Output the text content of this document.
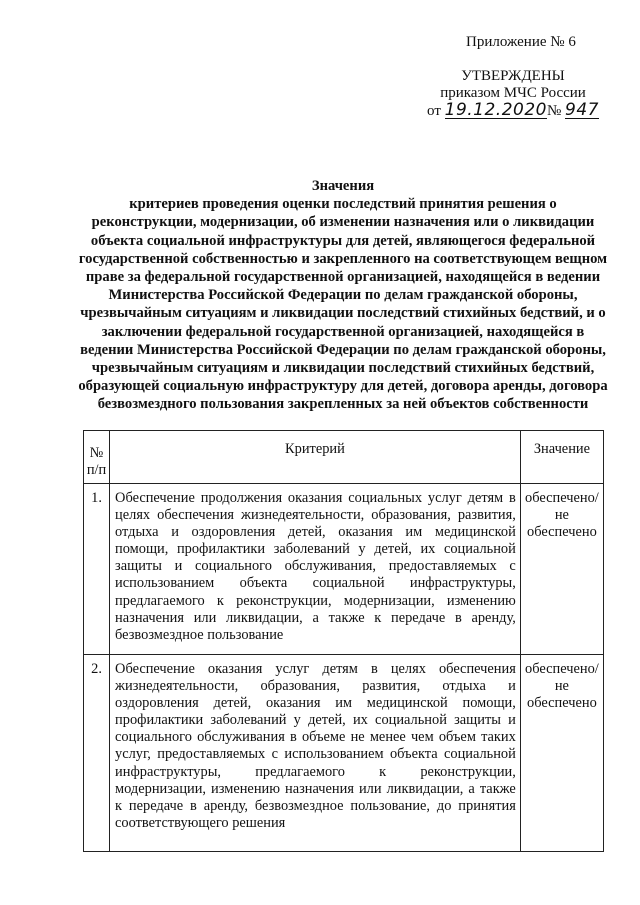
Приложение № 6
УТВЕРЖДЕНЫ
приказом МЧС России
от 19.12.2020№ 947
Значения
критериев проведения оценки последствий принятия решения о реконструкции, модернизации, об изменении назначения или о ликвидации объекта социальной инфраструктуры для детей, являющегося федеральной государственной собственностью и закрепленного на соответствующем вещном праве за федеральной государственной организацией, находящейся в ведении Министерства Российской Федерации по делам гражданской обороны, чрезвычайным ситуациям и ликвидации последствий стихийных бедствий, и о заключении федеральной государственной организацией, находящейся в ведении Министерства Российской Федерации по делам гражданской обороны, чрезвычайным ситуациям и ликвидации последствий стихийных бедствий, образующей социальную инфраструктуру для детей, договора аренды, договора безвозмездного пользования закрепленных за ней объектов собственности
№ п/п	Критерий	Значение
1.	Обеспечение продолжения оказания социальных услуг детям в целях обеспечения жизнедеятельности, образования, развития, отдыха и оздоровления детей, оказания им медицинской помощи, профилактики заболеваний у детей, их социальной защиты и социального обслуживания, предоставляемых с использованием объекта социальной инфраструктуры, предлагаемого к реконструкции, модернизации, изменению назначения или ликвидации, а также к передаче в аренду, безвозмездное пользование	обеспечено/ не обеспечено
2.	Обеспечение оказания услуг детям в целях обеспечения жизнедеятельности, образования, развития, отдыха и оздоровления детей, оказания им медицинской помощи, профилактики заболеваний у детей, их социальной защиты и социального обслуживания в объеме не менее чем объем таких услуг, предоставляемых с использованием объекта социальной инфраструктуры, предлагаемого к реконструкции, модернизации, изменению назначения или ликвидации, а также к передаче в аренду, безвозмездное пользование, до принятия соответствующего решения	обеспечено/ не обеспечено
